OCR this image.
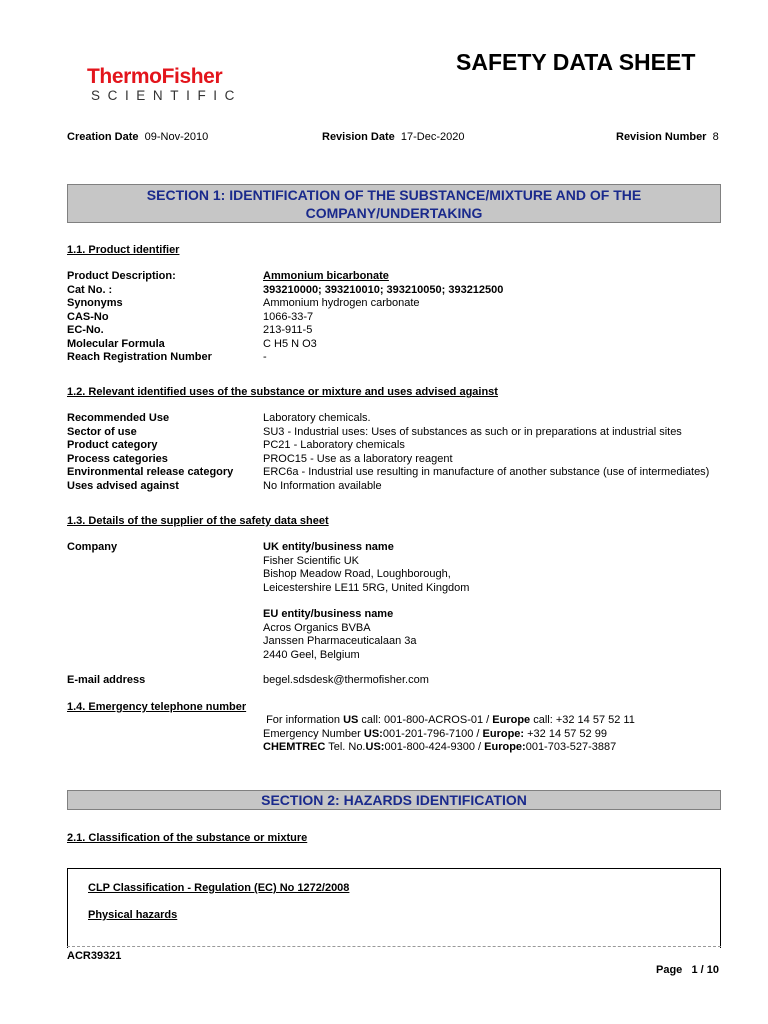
ThermoFisher
SCIENTIFIC
SAFETY DATA SHEET
Creation Date 09-Nov-2010	Revision Date 17-Dec-2020	Revision Number 8
SECTION 1: IDENTIFICATION OF THE SUBSTANCE/MIXTURE AND OF THE
COMPANY/UNDERTAKING
1.1. Product identifier
Product Description:	Ammonium bicarbonate
Cat No. :	393210000; 393210010; 393210050; 393212500
Synonyms	Ammonium hydrogen carbonate
CAS-No	1066-33-7
EC-No.	213-911-5
Molecular Formula	C H5 N O3
Reach Registration Number	-
1.2. Relevant identified uses of the substance or mixture and uses advised against
Recommended Use	Laboratory chemicals.
Sector of use	SU3 - Industrial uses: Uses of substances as such or in preparations at industrial sites
Product category	PC21 - Laboratory chemicals
Process categories	PROC15 - Use as a laboratory reagent
Environmental release category	ERC6a - Industrial use resulting in manufacture of another substance (use of intermediates)
Uses advised against	No Information available
1.3. Details of the supplier of the safety data sheet
Company	UK entity/business name
Fisher Scientific UK
Bishop Meadow Road, Loughborough,
Leicestershire LE11 5RG, United Kingdom
EU entity/business name
Acros Organics BVBA
Janssen Pharmaceuticalaan 3a
2440 Geel, Belgium
E-mail address	begel.sdsdesk@thermofisher.com
1.4. Emergency telephone number
For information US call: 001-800-ACROS-01 / Europe call: +32 14 57 52 11
Emergency Number US:001-201-796-7100 / Europe: +32 14 57 52 99
CHEMTREC Tel. No.US:001-800-424-9300 / Europe:001-703-527-3887
SECTION 2: HAZARDS IDENTIFICATION
2.1. Classification of the substance or mixture
CLP Classification - Regulation (EC) No 1272/2008
Physical hazards
ACR39321
Page 1 / 10
